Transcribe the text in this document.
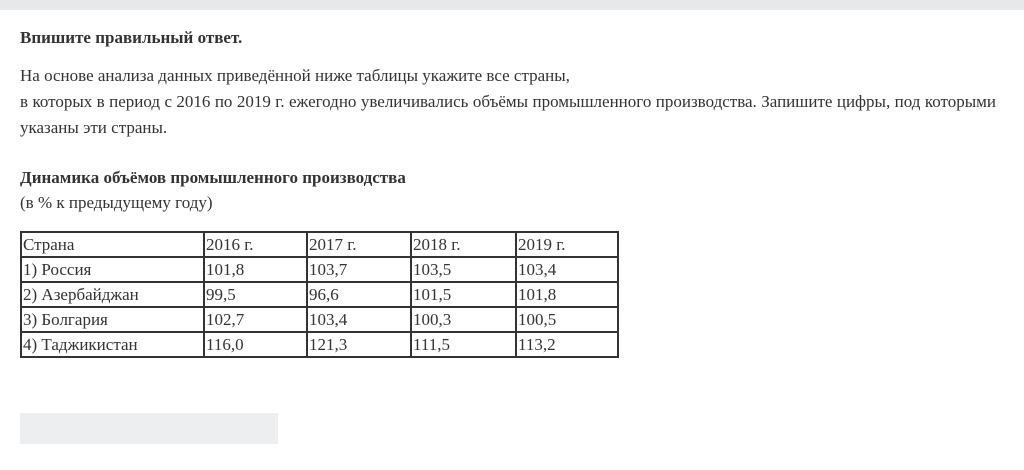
Впишите правильный ответ.

На основе анализа данных приведённой ниже таблицы укажите все страны,
в которых в период с 2016 по 2019 г. ежегодно увеличивались объёмы промышленного производства. Запишите цифры, под которыми указаны эти страны.

Динамика объёмов промышленного производства

(в % к предыдущему году)

Страна	2016 г.	2017 г.	2018 г.	2019 г.
1) Россия	101,8	103,7	103,5	103,4
2) Азербайджан	99,5	96,6	101,5	101,8
3) Болгария	102,7	103,4	100,3	100,5
4) Таджикистан	116,0	121,3	111,5	113,2
